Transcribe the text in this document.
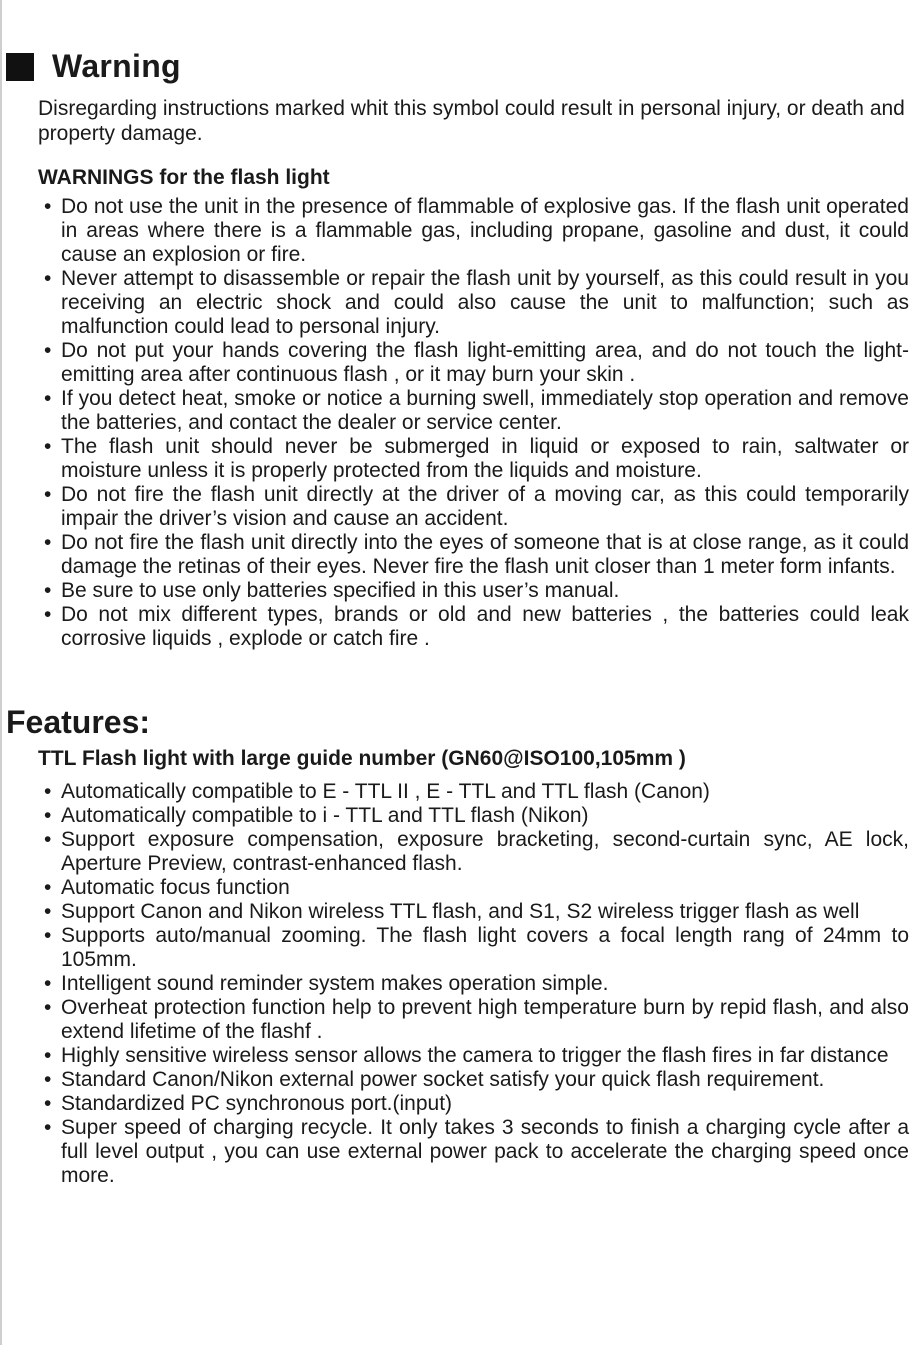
Warning
Disregarding instructions marked whit this symbol could result in personal injury, or death and property damage.
WARNINGS for the flash light
• Do not use the unit in the presence of flammable of explosive gas. If the flash unit operated in areas where there is a flammable gas, including propane, gasoline and dust, it could cause an explosion or fire.
• Never attempt to disassemble or repair the flash unit by yourself, as this could result in you receiving an electric shock and could also cause the unit to malfunction; such as malfunction could lead to personal injury.
• Do not put your hands covering the flash light-emitting area, and do not touch the light-emitting area after continuous flash , or it may burn your skin .
• If you detect heat, smoke or notice a burning swell, immediately stop operation and remove the batteries, and contact the dealer or service center.
• The flash unit should never be submerged in liquid or exposed to rain, saltwater or moisture unless it is properly protected from the liquids and moisture.
• Do not fire the flash unit directly at the driver of a moving car, as this could temporarily impair the driver’s vision and cause an accident.
• Do not fire the flash unit directly into the eyes of someone that is at close range, as it could damage the retinas of their eyes. Never fire the flash unit closer than 1 meter form infants.
• Be sure to use only batteries specified in this user’s manual.
• Do not mix different types, brands or old and new batteries , the batteries could leak corrosive liquids , explode or catch fire .
Features:
TTL Flash light with large guide number (GN60@ISO100,105mm )
• Automatically compatible to E - TTL II , E - TTL and TTL flash (Canon)
• Automatically compatible to i - TTL and TTL flash (Nikon)
• Support exposure compensation, exposure bracketing, second-curtain sync, AE lock, Aperture Preview, contrast-enhanced flash.
• Automatic focus function
• Support Canon and Nikon wireless TTL flash, and S1, S2 wireless trigger flash as well
• Supports auto/manual zooming. The flash light covers a focal length rang of 24mm to 105mm.
• Intelligent sound reminder system makes operation simple.
• Overheat protection function help to prevent high temperature burn by repid flash, and also extend lifetime of the flashf .
• Highly sensitive wireless sensor allows the camera to trigger the flash fires in far distance
• Standard Canon/Nikon external power socket satisfy your quick flash requirement.
• Standardized PC synchronous port.(input)
• Super speed of charging recycle. It only takes 3 seconds to finish a charging cycle after a full level output , you can use external power pack to accelerate the charging speed once more.
